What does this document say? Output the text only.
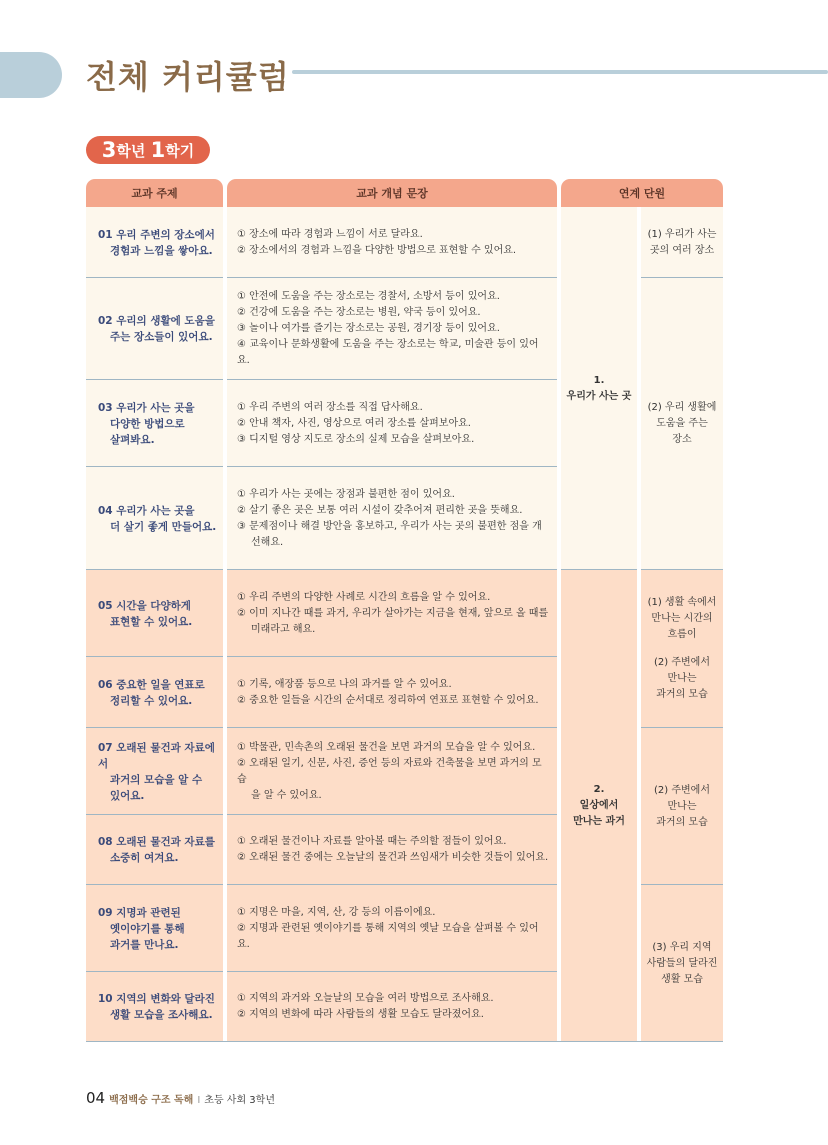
전체 커리큘럼
3 학년
1 학기
교과 주제	교과 개념 문장	연계 단원
01 우리 주변의 장소에서
경험과 느낌을 쌓아요.
① 장소에 따라 경험과 느낌이 서로 달라요.
② 장소에서의 경험과 느낌을 다양한 방법으로 표현할 수 있어요.
02 우리의 생활에 도움을
주는 장소들이 있어요.
① 안전에 도움을 주는 장소로는 경찰서, 소방서 등이 있어요.
② 건강에 도움을 주는 장소로는 병원, 약국 등이 있어요.
③ 놀이나 여가를 즐기는 장소로는 공원, 경기장 등이 있어요.
④ 교육이나 문화생활에 도움을 주는 장소로는 학교, 미술관 등이 있어요.
03 우리가 사는 곳을
다양한 방법으로
살펴봐요.
① 우리 주변의 여러 장소를 직접 답사해요.
② 안내 책자, 사진, 영상으로 여러 장소를 살펴보아요.
③ 디지털 영상 지도로 장소의 실제 모습을 살펴보아요.
04 우리가 사는 곳을
더 살기 좋게 만들어요.
① 우리가 사는 곳에는 장점과 불편한 점이 있어요.
② 살기 좋은 곳은 보통 여러 시설이 갖추어져 편리한 곳을 뜻해요.
③ 문제점이나 해결 방안을 홍보하고, 우리가 사는 곳의 불편한 점을 개
선해요.
05 시간을 다양하게
표현할 수 있어요.
① 우리 주변의 다양한 사례로 시간의 흐름을 알 수 있어요.
② 이미 지나간 때를 과거, 우리가 살아가는 지금을 현재, 앞으로 올 때를
미래라고 해요.
06 중요한 일을 연표로
정리할 수 있어요.
① 기록, 애장품 등으로 나의 과거를 알 수 있어요.
② 중요한 일들을 시간의 순서대로 정리하여 연표로 표현할 수 있어요.
07 오래된 물건과 자료에서
과거의 모습을 알 수
있어요.
① 박물관, 민속촌의 오래된 물건을 보면 과거의 모습을 알 수 있어요.
② 오래된 일기, 신문, 사진, 증언 등의 자료와 건축물을 보면 과거의 모습
을 알 수 있어요.
08 오래된 물건과 자료를
소중히 여겨요.
① 오래된 물건이나 자료를 알아볼 때는 주의할 점들이 있어요.
② 오래된 물건 중에는 오늘날의 물건과 쓰임새가 비슷한 것들이 있어요.
09 지명과 관련된
옛이야기를 통해
과거를 만나요.
① 지명은 마을, 지역, 산, 강 등의 이름이에요.
② 지명과 관련된 옛이야기를 통해 지역의 옛날 모습을 살펴볼 수 있어요.
10 지역의 변화와 달라진
생활 모습을 조사해요.
① 지역의 과거와 오늘날의 모습을 여러 방법으로 조사해요.
② 지역의 변화에 따라 사람들의 생활 모습도 달라졌어요.
1.
우리가 사는 곳
2.
일상에서
만나는 과거
(1) 우리가 사는
곳의 여러 장소
(2) 우리 생활에
도움을 주는
장소
(1) 생활 속에서
만나는 시간의
흐름이
(2) 주변에서
만나는
과거의 모습
(2) 주변에서
만나는
과거의 모습
(3) 우리 지역
사람들의 달라진
생활 모습
04 백점백승 구조 독해 I 초등 사회 3학년
